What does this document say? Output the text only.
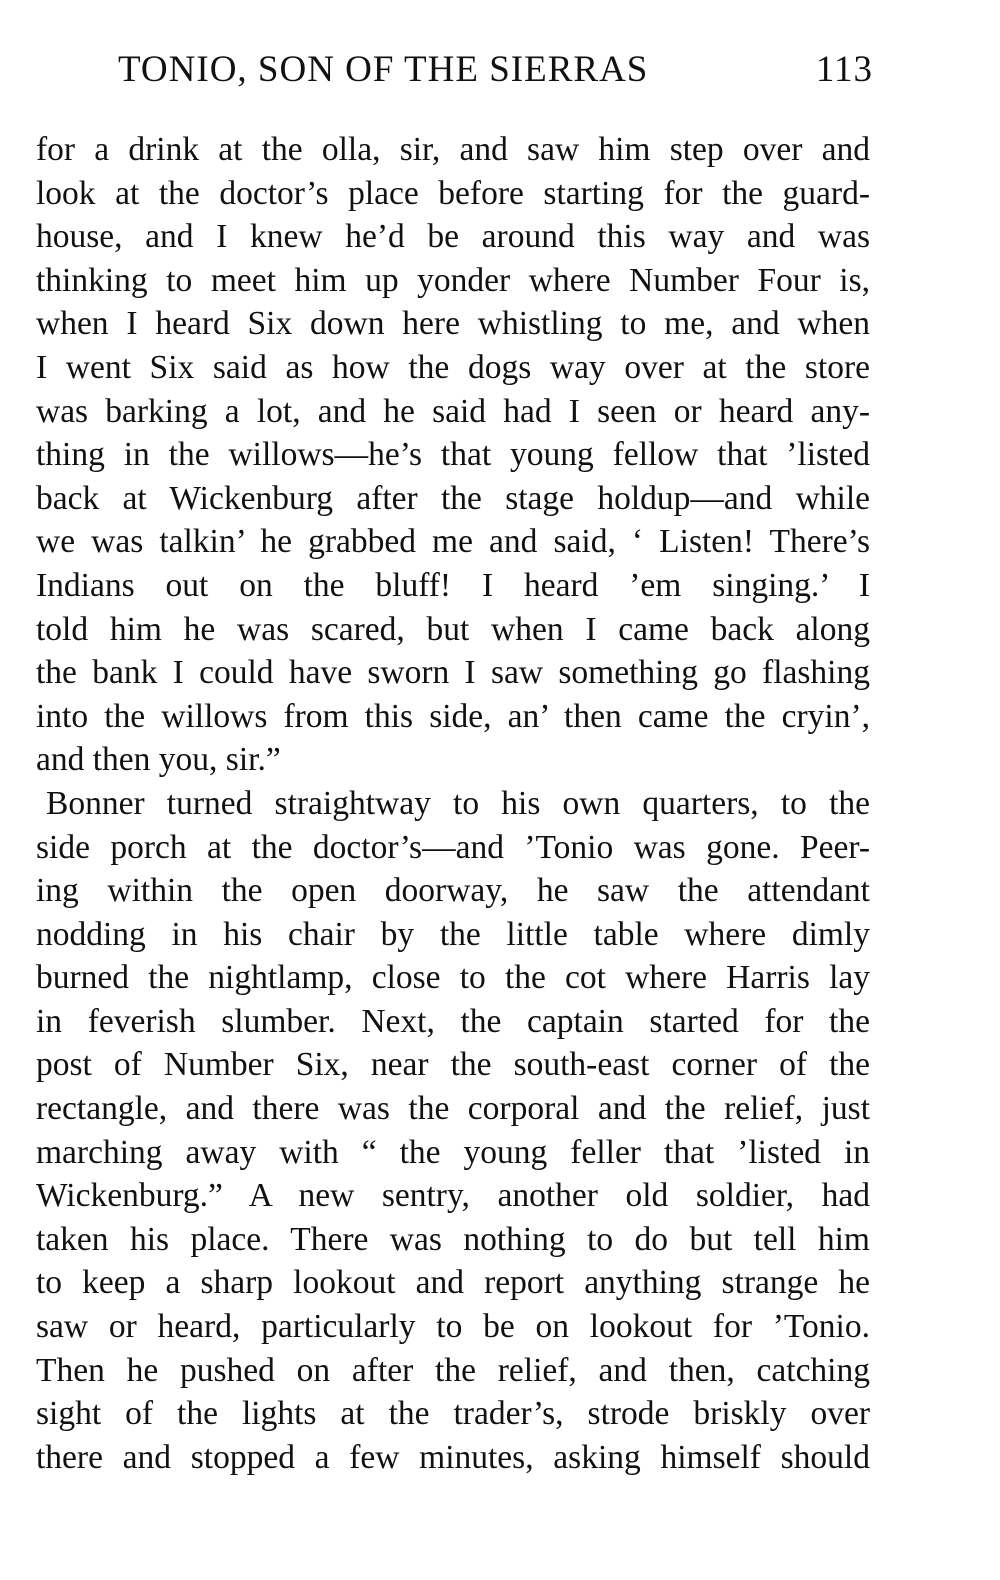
TONIO, SON OF THE SIERRAS	113
for a drink at the olla, sir, and saw him step over and
look at the doctor’s place before starting for the guard-
house, and I knew he’d be around this way and was
thinking to meet him up yonder where Number Four is,
when I heard Six down here whistling to me, and when
I went Six said as how the dogs way over at the store
was barking a lot, and he said had I seen or heard any-
thing in the willows—he’s that young fellow that ’listed
back at Wickenburg after the stage holdup—and while
we was talkin’ he grabbed me and said, ‘ Listen! There’s
Indians out on the bluff! I heard ’em singing.’ I
told him he was scared, but when I came back along
the bank I could have sworn I saw something go flashing
into the willows from this side, an’ then came the cryin’,
and then you, sir.”
Bonner turned straightway to his own quarters, to the
side porch at the doctor’s—and ’Tonio was gone. Peer-
ing within the open doorway, he saw the attendant
nodding in his chair by the little table where dimly
burned the nightlamp, close to the cot where Harris lay
in feverish slumber. Next, the captain started for the
post of Number Six, near the south-east corner of the
rectangle, and there was the corporal and the relief, just
marching away with “ the young feller that ’listed in
Wickenburg.” A new sentry, another old soldier, had
taken his place. There was nothing to do but tell him
to keep a sharp lookout and report anything strange he
saw or heard, particularly to be on lookout for ’Tonio.
Then he pushed on after the relief, and then, catching
sight of the lights at the trader’s, strode briskly over
there and stopped a few minutes, asking himself should
